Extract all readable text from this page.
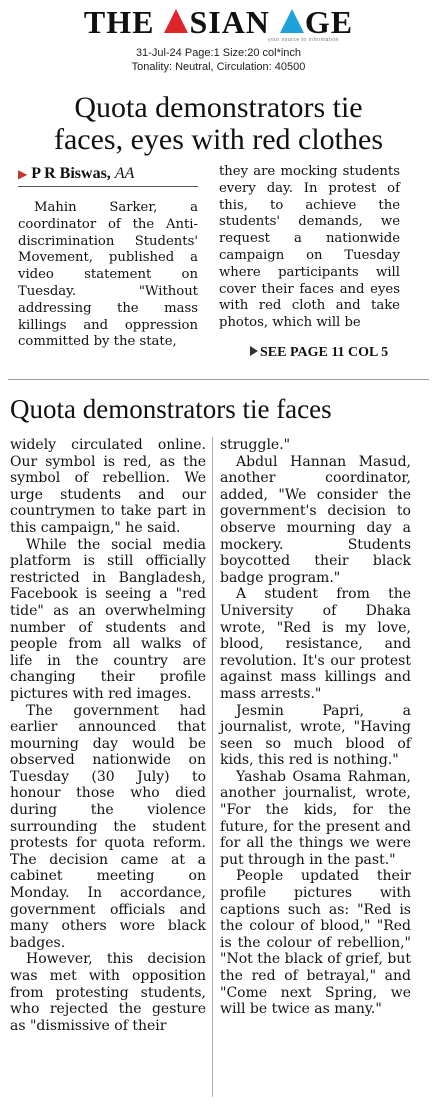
THE SIAN GE
your source to information
31-Jul-24 Page:1 Size:20 col*inch
Tonality: Neutral, Circulation: 40500
Quota demonstrators tie
faces, eyes with red clothes
▶ P R Biswas, AA

Mahin Sarker, a coordinator of the Anti-discrimination Students' Movement, published a video statement on Tuesday. "Without addressing the mass killings and oppression committed by the state,

they are mocking students every day. In protest of this, to achieve the students' demands, we request a nationwide campaign on Tuesday where participants will cover their faces and eyes with red cloth and take photos, which will be

SEE PAGE 11 COL 5
Quota demonstrators tie faces

widely circulated online. Our symbol is red, as the symbol of rebellion. We urge students and our countrymen to take part in this campaign," he said.

While the social media platform is still officially restricted in Bangladesh, Facebook is seeing a "red tide" as an overwhelming number of students and people from all walks of life in the country are changing their profile pictures with red images.

The government had earlier announced that mourning day would be observed nationwide on Tuesday (30 July) to honour those who died during the violence surrounding the student protests for quota reform. The decision came at a cabinet meeting on Monday. In accordance, government officials and many others wore black badges.

However, this decision was met with opposition from protesting students, who rejected the gesture as "dismissive of their

struggle."

Abdul Hannan Masud, another coordinator, added, "We consider the government's decision to observe mourning day a mockery. Students boycotted their black badge program."

A student from the University of Dhaka wrote, "Red is my love, blood, resistance, and revolution. It's our protest against mass killings and mass arrests."

Jesmin Papri, a journalist, wrote, "Having seen so much blood of kids, this red is nothing."

Yashab Osama Rahman, another journalist, wrote, "For the kids, for the future, for the present and for all the things we were put through in the past."

People updated their profile pictures with captions such as: "Red is the colour of blood," "Red is the colour of rebellion," "Not the black of grief, but the red of betrayal," and "Come next Spring, we will be twice as many."
